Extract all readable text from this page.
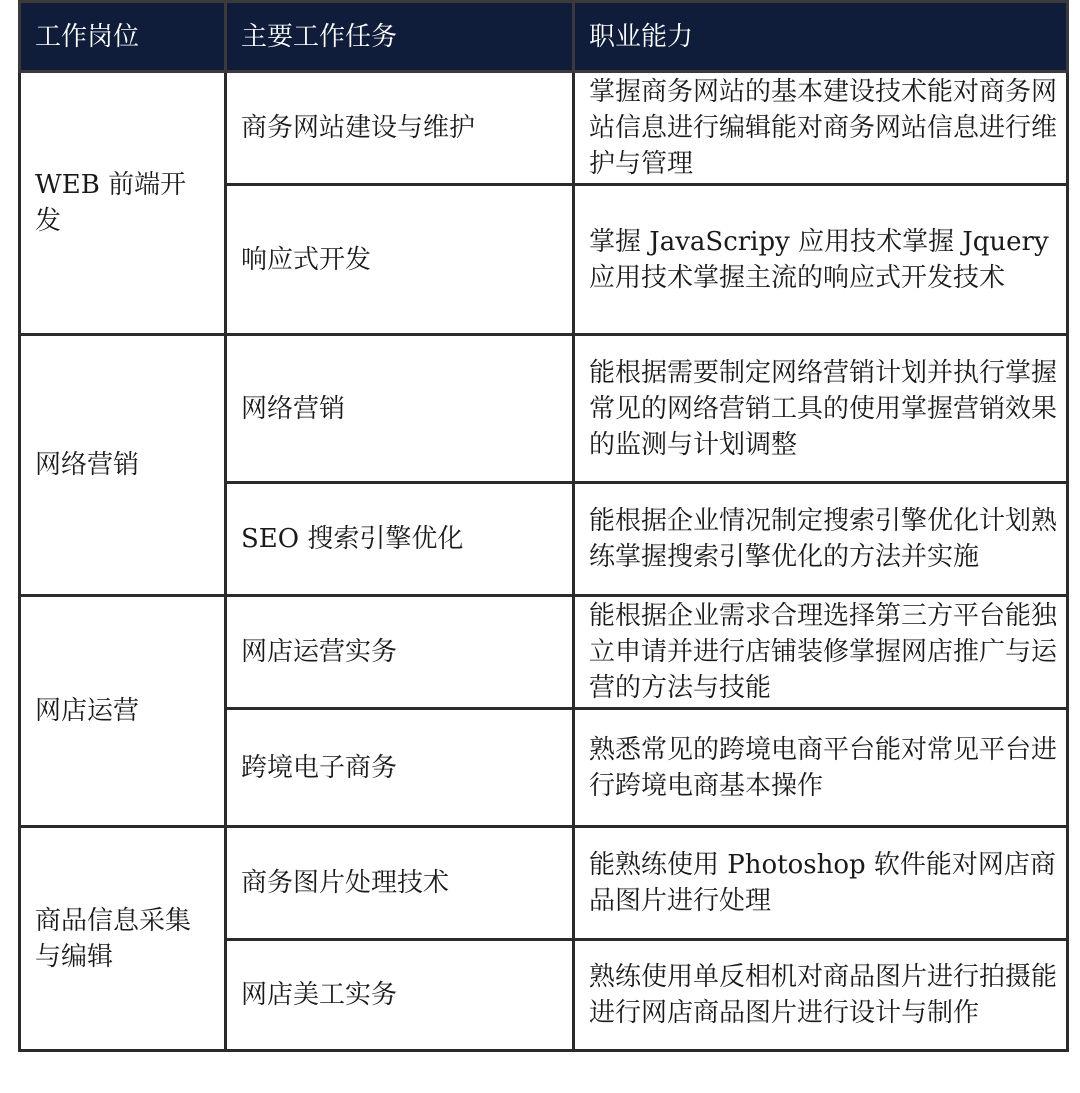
工作岗位	主要工作任务	职业能力
WEB 前端开发	商务网站建设与维护	掌握商务网站的基本建设技术能对商务网站信息进行编辑能对商务网站信息进行维护与管理
	响应式开发	掌握 JavaScripy 应用技术掌握 Jquery 应用技术掌握主流的响应式开发技术
网络营销	网络营销	能根据需要制定网络营销计划并执行掌握常见的网络营销工具的使用掌握营销效果的监测与计划调整
	SEO 搜索引擎优化	能根据企业情况制定搜索引擎优化计划熟练掌握搜索引擎优化的方法并实施
网店运营	网店运营实务	能根据企业需求合理选择第三方平台能独立申请并进行店铺装修掌握网店推广与运营的方法与技能
	跨境电子商务	熟悉常见的跨境电商平台能对常见平台进行跨境电商基本操作
商品信息采集与编辑	商务图片处理技术	能熟练使用 Photoshop 软件能对网店商品图片进行处理
	网店美工实务	熟练使用单反相机对商品图片进行拍摄能进行网店商品图片进行设计与制作
